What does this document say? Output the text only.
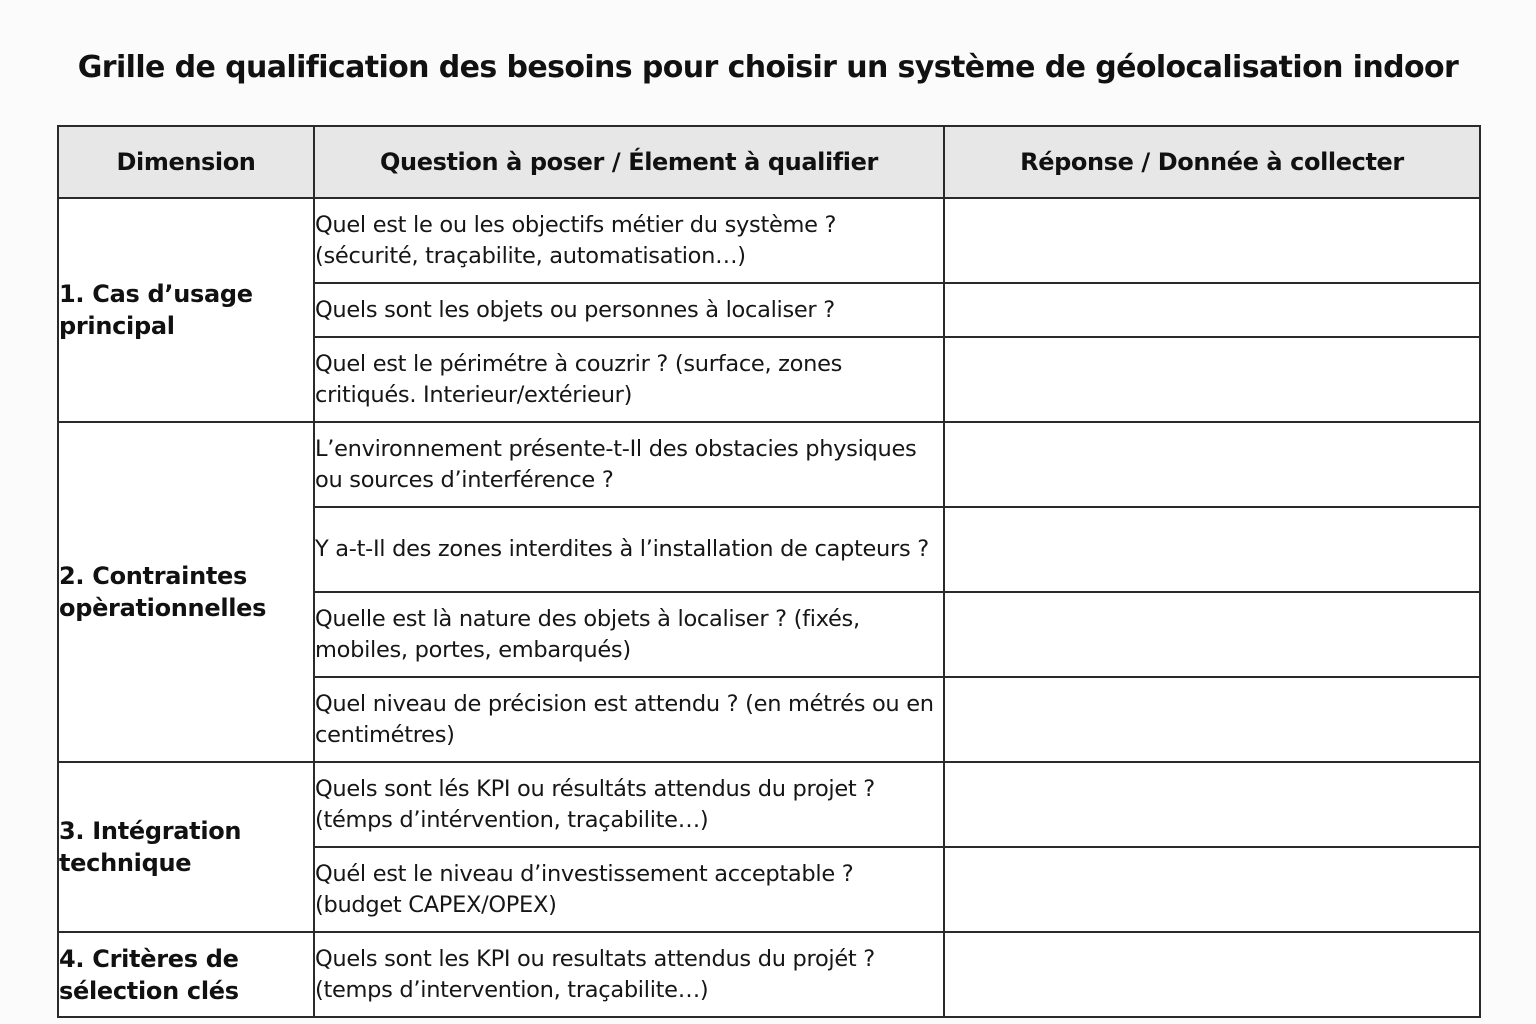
Grille de qualification des besoins pour choisir un système de géolocalisation indoor
Dimension	Question à poser / Élement à qualifier	Réponse / Donnée à collecter
1. Cas d’usage principal	Quel est le ou les objectifs métier du système ? (sécurité, traçabilite, automatisation…)	
	Quels sont les objets ou personnes à localiser ?	
	Quel est le périmétre à couzrir ? (surface, zones critiqués. Interieur/extérieur)	
2. Contraintes opèrationnelles	L’environnement présente-t-Il des obstacies physiques ou sources d’interférence ?	
	Y a-t-Il des zones interdites à l’installation de capteurs ?	
	Quelle est là nature des objets à localiser ? (fixés, mobiles, portes, embarqués)	
	Quel niveau de précision est attendu ? (en métrés ou en centimétres)	
3. Intégration technique	Quels sont lés KPI ou résultáts attendus du projet ? (témps d’intérvention, traçabilite…)	
	Quél est le niveau d’investissement acceptable ? (budget CAPEX/OPEX)	
4. Critères de sélection clés	Quels sont les KPI ou resultats attendus du projét ? (temps d’intervention, traçabilite…)	
